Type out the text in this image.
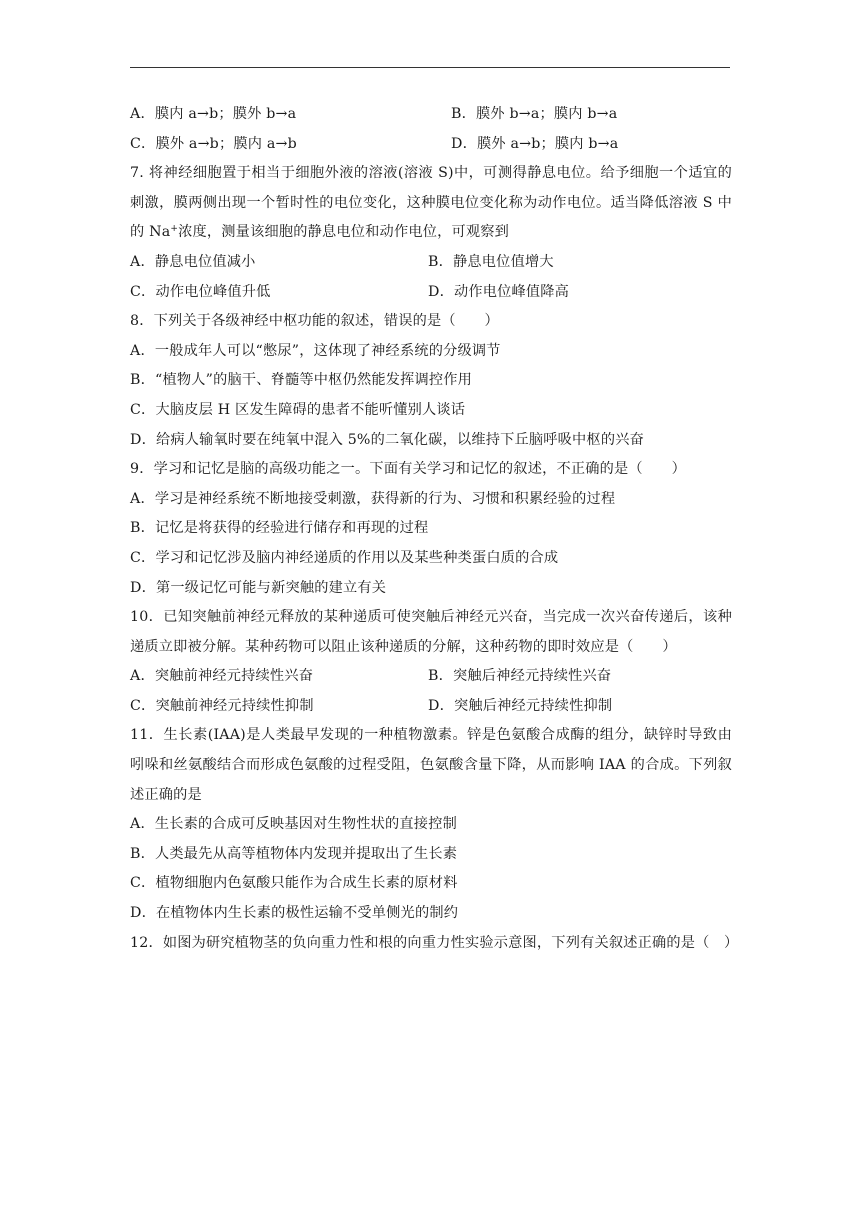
A．膜内 a→b；膜外 b→a	B．膜外 b→a；膜内 b→a
C．膜外 a→b；膜内 a→b	D．膜外 a→b；膜内 b→a
7. 将神经细胞置于相当于细胞外液的溶液(溶液 S)中，可测得静息电位。给予细胞一个适宜的刺激，膜两侧出现一个暂时性的电位变化，这种膜电位变化称为动作电位。适当降低溶液 S 中的 Na+浓度，测量该细胞的静息电位和动作电位，可观察到
A．静息电位值减小	B．静息电位值增大
C．动作电位峰值升低	D．动作电位峰值降高
8．下列关于各级神经中枢功能的叙述，错误的是（　　）
A．一般成年人可以“憋尿”，这体现了神经系统的分级调节
B．“植物人”的脑干、脊髓等中枢仍然能发挥调控作用
C．大脑皮层 H 区发生障碍的患者不能听懂别人谈话
D．给病人输氧时要在纯氧中混入 5%的二氧化碳，以维持下丘脑呼吸中枢的兴奋
9．学习和记忆是脑的高级功能之一。下面有关学习和记忆的叙述，不正确的是（　　）
A．学习是神经系统不断地接受刺激，获得新的行为、习惯和积累经验的过程
B．记忆是将获得的经验进行储存和再现的过程
C．学习和记忆涉及脑内神经递质的作用以及某些种类蛋白质的合成
D．第一级记忆可能与新突触的建立有关
10．已知突触前神经元释放的某种递质可使突触后神经元兴奋，当完成一次兴奋传递后，该种递质立即被分解。某种药物可以阻止该种递质的分解，这种药物的即时效应是（　　）
A．突触前神经元持续性兴奋	B．突触后神经元持续性兴奋
C．突触前神经元持续性抑制	D．突触后神经元持续性抑制
11．生长素(IAA)是人类最早发现的一种植物激素。锌是色氨酸合成酶的组分，缺锌时导致由吲哚和丝氨酸结合而形成色氨酸的过程受阻，色氨酸含量下降，从而影响 IAA 的合成。下列叙述正确的是
A．生长素的合成可反映基因对生物性状的直接控制
B．人类最先从高等植物体内发现并提取出了生长素
C．植物细胞内色氨酸只能作为合成生长素的原材料
D．在植物体内生长素的极性运输不受单侧光的制约
12．如图为研究植物茎的负向重力性和根的向重力性实验示意图，下列有关叙述正确的是（　）
